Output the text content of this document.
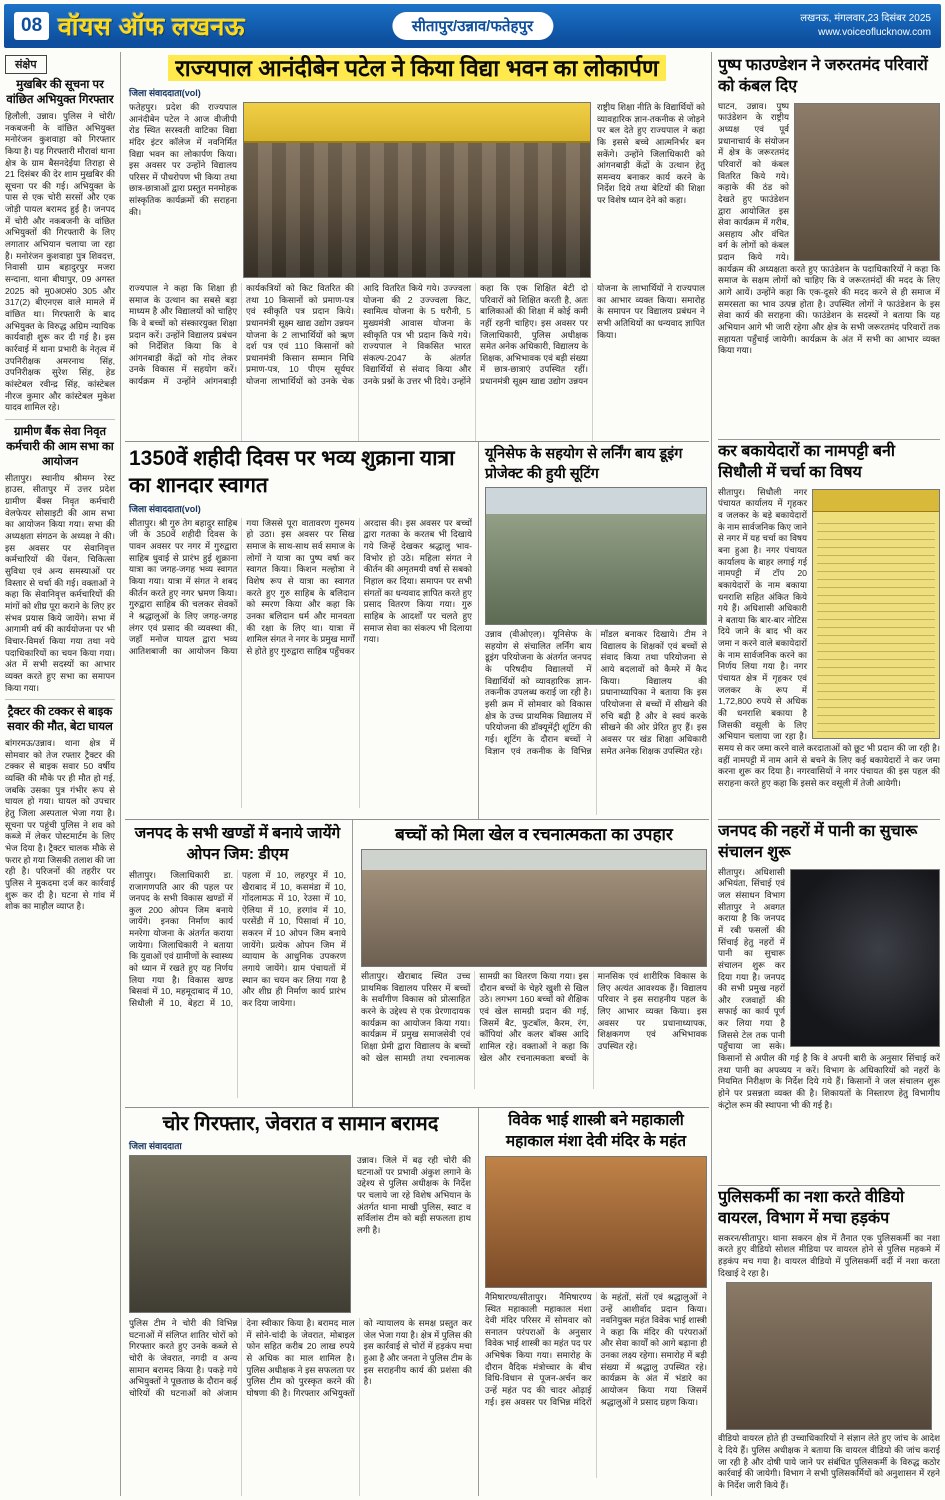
08 वॉयस ऑफ लखनऊ	सीतापुर/उन्नाव/फतेहपुर	लखनऊ, मंगलवार,23 दिसंबर 2025
www.voiceoflucknow.com
संक्षेप
मुखबिर की सूचना पर वांछित अभियुक्त गिरफ्तार

हिलौली, उन्नाव। पुलिस ने चोरी/नकबजनी के वांछित अभियुक्त मनोरंजन कुशवाहा को गिरफ्तार किया है। यह गिरफ्तारी मौरावां थाना क्षेत्र के ग्राम बैसनदेईया तिराहा से 21 दिसंबर की देर शाम मुखबिर की सूचना पर की गई। अभियुक्त के पास से एक चोरी सरसों और एक जोड़ी पायल बरामद हुई है। जनपद में चोरी और नकबजनी के वांछित अभियुक्तों की गिरफ्तारी के लिए लगातार अभियान चलाया जा रहा है। मनोरंजन कुशवाहा पुत्र शिवदत्त, निवासी ग्राम बहादुरपुर मजरा सन्दाना, थाना बीघापुर, 09 अगस्त 2025 को मु0अ0सं0 305 और 317(2) बीएनएस वाले मामले में वांछित था। गिरफ्तारी के बाद अभियुक्त के विरुद्ध अग्रिम न्यायिक कार्यवाही शुरू कर दी गई है। इस कार्रवाई में थाना प्रभारी के नेतृत्व में उपनिरीक्षक अमरनाथ सिंह, उपनिरीक्षक सुरेश सिंह, हेड कांस्टेबल रवीन्द्र सिंह, कांस्टेबल नीरज कुमार और कांस्टेबल मुकेश यादव शामिल रहे।

ग्रामीण बैंक सेवा निवृत कर्मचारी की आम सभा का आयोजन

सीतापुर। स्थानीय श्रीमग्न रेस्ट हाउस, सीतापुर में उत्तर प्रदेश ग्रामीण बैंक्स निवृत कर्मचारी वेलफेयर सोसाइटी की आम सभा का आयोजन किया गया। सभा की अध्यक्षता संगठन के अध्यक्ष ने की। इस अवसर पर सेवानिवृत्त कर्मचारियों की पेंशन, चिकित्सा सुविधा एवं अन्य समस्याओं पर विस्तार से चर्चा की गई। वक्ताओं ने कहा कि सेवानिवृत्त कर्मचारियों की मांगों को शीघ्र पूरा कराने के लिए हर संभव प्रयास किये जायेंगे। सभा में आगामी वर्ष की कार्ययोजना पर भी विचार-विमर्श किया गया तथा नये पदाधिकारियों का चयन किया गया। अंत में सभी सदस्यों का आभार व्यक्त करते हुए सभा का समापन किया गया।

ट्रैक्टर की टक्कर से बाइक सवार की मौत, बेटा घायल

बांगरमऊ/उन्नाव। थाना क्षेत्र में सोमवार को तेज रफ्तार ट्रैक्टर की टक्कर से बाइक सवार 50 वर्षीय व्यक्ति की मौके पर ही मौत हो गई, जबकि उसका पुत्र गंभीर रूप से घायल हो गया। घायल को उपचार हेतु जिला अस्पताल भेजा गया है। सूचना पर पहुंची पुलिस ने शव को कब्जे में लेकर पोस्टमार्टम के लिए भेज दिया है। ट्रैक्टर चालक मौके से फरार हो गया जिसकी तलाश की जा रही है। परिजनों की तहरीर पर पुलिस ने मुकदमा दर्ज कर कार्रवाई शुरू कर दी है। घटना से गांव में शोक का माहौल व्याप्त है।

राज्यपाल आनंदीबेन पटेल ने किया विद्या भवन का लोकार्पण
जिला संवाददाता(vol)
फतेहपुर। प्रदेश की राज्यपाल आनंदीबेन पटेल ने आज वीजीपी रोड स्थित सरस्वती वाटिका विद्या मंदिर इंटर कॉलेज में नवनिर्मित विद्या भवन का लोकार्पण किया। इस अवसर पर उन्होंने विद्यालय परिसर में पौधरोपण भी किया तथा छात्र-छात्राओं द्वारा प्रस्तुत मनमोहक सांस्कृतिक कार्यक्रमों की सराहना की।
राष्ट्रीय शिक्षा नीति के विद्यार्थियों को व्यावहारिक ज्ञान-तकनीक से जोड़ने पर बल देते हुए राज्यपाल ने कहा कि इससे बच्चे आत्मनिर्भर बन सकेंगे। उन्होंने जिलाधिकारी को आंगनबाड़ी केंद्रों के उत्थान हेतु समन्वय बनाकर कार्य करने के निर्देश दिये तथा बेटियों की शिक्षा पर विशेष ध्यान देने को कहा।
राज्यपाल ने कहा कि शिक्षा ही समाज के उत्थान का सबसे बड़ा माध्यम है और विद्यालयों को चाहिए कि वे बच्चों को संस्कारयुक्त शिक्षा प्रदान करें। उन्होंने विद्यालय प्रबंधन को निर्देशित किया कि वे आंगनबाड़ी केंद्रों को गोद लेकर उनके विकास में सहयोग करें। कार्यक्रम में उन्होंने आंगनबाड़ी कार्यकत्रियों को किट वितरित की तथा 10 किसानों को प्रमाण-पत्र एवं स्वीकृति पत्र प्रदान किये। प्रधानमंत्री सूक्ष्म खाद्य उद्योग उन्नयन योजना के 2 लाभार्थियों को ऋण दर्श पत्र एवं 110 किसानों को प्रधानमंत्री किसान सम्मान निधि प्रमाण-पत्र, 10 पीएम सूर्यघर योजना लाभार्थियों को उनके चेक आदि वितरित किये गये। उज्ज्वला योजना की 2 उज्ज्वला किट, स्वामित्व योजना के 5 घरौनी, 5 मुख्यमंत्री आवास योजना के स्वीकृति पत्र भी प्रदान किये गये। राज्यपाल ने विकसित भारत संकल्प-2047 के अंतर्गत विद्यार्थियों से संवाद किया और उनके प्रश्नों के उत्तर भी दिये। उन्होंने कहा कि एक शिक्षित बेटी दो परिवारों को शिक्षित करती है, अतः बालिकाओं की शिक्षा में कोई कमी नहीं रहनी चाहिए। इस अवसर पर जिलाधिकारी, पुलिस अधीक्षक समेत अनेक अधिकारी, विद्यालय के शिक्षक, अभिभावक एवं बड़ी संख्या में छात्र-छात्राएं उपस्थित रहीं। प्रधानमंत्री सूक्ष्म खाद्य उद्योग उन्नयन योजना के लाभार्थियों ने राज्यपाल का आभार व्यक्त किया। समारोह के समापन पर विद्यालय प्रबंधन ने सभी अतिथियों का धन्यवाद ज्ञापित किया।
1350वें शहीदी दिवस पर भव्य शुक्राना यात्रा का शानदार स्वागत
जिला संवाददाता(vol)
सीतापुर। श्री गुरु तेग बहादुर साहिब जी के 350वें शहीदी दिवस के पावन अवसर पर नगर में गुरुद्वारा साहिब धुवाई से प्रारंभ हुई शुक्राना यात्रा का जगह-जगह भव्य स्वागत किया गया। यात्रा में संगत ने शबद कीर्तन करते हुए नगर भ्रमण किया। गुरुद्वारा साहिब की चलकर सेवकों ने श्रद्धालुओं के लिए जगह-जगह लंगर एवं प्रसाद की व्यवस्था की, जहाँ मनोज घायल द्वारा भव्य आतिशबाजी का आयोजन किया गया जिससे पूरा वातावरण गुरुमय हो उठा। इस अवसर पर सिख समाज के साथ-साथ सर्व समाज के लोगों ने यात्रा का पुष्प वर्षा कर स्वागत किया। किशन मल्होत्रा ने विशेष रूप से यात्रा का स्वागत करते हुए गुरु साहिब के बलिदान को स्मरण किया और कहा कि उनका बलिदान धर्म और मानवता की रक्षा के लिए था। यात्रा में शामिल संगत ने नगर के प्रमुख मार्गों से होते हुए गुरुद्वारा साहिब पहुँचकर अरदास की। इस अवसर पर बच्चों द्वारा गतका के करतब भी दिखाये गये जिन्हें देखकर श्रद्धालु भाव-विभोर हो उठे। महिला संगत ने कीर्तन की अमृतमयी वर्षा से सबको निहाल कर दिया। समापन पर सभी संगतों का धन्यवाद ज्ञापित करते हुए प्रसाद वितरण किया गया। गुरु साहिब के आदर्शों पर चलते हुए समाज सेवा का संकल्प भी दिलाया गया।
यूनिसेफ के सहयोग से लर्निंग बाय डूइंग प्रोजेक्ट की हुयी सूटिंग
उन्नाव (वीओएल)। यूनिसेफ के सहयोग से संचालित लर्निंग बाय डूइंग परियोजना के अंतर्गत जनपद के परिषदीय विद्यालयों में विद्यार्थियों को व्यावहारिक ज्ञान-तकनीक उपलब्ध कराई जा रही है। इसी क्रम में सोमवार को विकास क्षेत्र के उच्च प्राथमिक विद्यालय में परियोजना की डॉक्यूमेंट्री शूटिंग की गई। शूटिंग के दौरान बच्चों ने विज्ञान एवं तकनीक के विभिन्न मॉडल बनाकर दिखाये। टीम ने विद्यालय के शिक्षकों एवं बच्चों से संवाद किया तथा परियोजना से आये बदलावों को कैमरे में कैद किया। विद्यालय की प्रधानाध्यापिका ने बताया कि इस परियोजना से बच्चों में सीखने की रुचि बढ़ी है और वे स्वयं करके सीखने की ओर प्रेरित हुए हैं। इस अवसर पर खंड शिक्षा अधिकारी समेत अनेक शिक्षक उपस्थित रहे।
जनपद के सभी खण्डों में बनाये जायेंगे ओपन जिम: डीएम
सीतापुर। जिलाधिकारी डा. राजागणपति आर की पहल पर जनपद के सभी विकास खण्डों में कुल 200 ओपन जिम बनाये जायेंगे। इनका निर्माण कार्य मनरेगा योजना के अंतर्गत कराया जायेगा। जिलाधिकारी ने बताया कि युवाओं एवं ग्रामीणों के स्वास्थ्य को ध्यान में रखते हुए यह निर्णय लिया गया है। विकास खण्ड बिसवां में 10, महमूदाबाद में 10, सिधौली में 10, बेहटा में 10, पहला में 10, लहरपुर में 10, खैराबाद में 10, कसमंडा में 10, गोंदलामऊ में 10, रेउसा में 10, ऐलिया में 10, हरगांव में 10, परसेंडी में 10, पिसावां में 10, सकरन में 10 ओपन जिम बनाये जायेंगे। प्रत्येक ओपन जिम में व्यायाम के आधुनिक उपकरण लगाये जायेंगे। ग्राम पंचायतों में स्थान का चयन कर लिया गया है और शीघ्र ही निर्माण कार्य प्रारंभ कर दिया जायेगा।
बच्चों को मिला खेल व रचनात्मकता का उपहार
सीतापुर। खैराबाद स्थित उच्च प्राथमिक विद्यालय परिसर में बच्चों के सर्वांगीण विकास को प्रोत्साहित करने के उद्देश्य से एक प्रेरणादायक कार्यक्रम का आयोजन किया गया। कार्यक्रम में प्रमुख समाजसेवी एवं शिक्षा प्रेमी द्वारा विद्यालय के बच्चों को खेल सामग्री तथा रचनात्मक सामग्री का वितरण किया गया। इस दौरान बच्चों के चेहरे खुशी से खिल उठे। लगभग 160 बच्चों को शैक्षिक एवं खेल सामग्री प्रदान की गई, जिसमें बैट, फुटबॉल, कैरम, रंग, कॉपियां और कलर बॉक्स आदि शामिल रहे। वक्ताओं ने कहा कि खेल और रचनात्मकता बच्चों के मानसिक एवं शारीरिक विकास के लिए अत्यंत आवश्यक हैं। विद्यालय परिवार ने इस सराहनीय पहल के लिए आभार व्यक्त किया। इस अवसर पर प्रधानाध्यापक, शिक्षकगण एवं अभिभावक उपस्थित रहे।
चोर गिरफ्तार, जेवरात व सामान बरामद
जिला संवाददाता
उन्नाव। जिले में बढ़ रही चोरी की घटनाओं पर प्रभावी अंकुश लगाने के उद्देश्य से पुलिस अधीक्षक के निर्देश पर चलाये जा रहे विशेष अभियान के अंतर्गत थाना माखी पुलिस, स्वाट व सर्विलांस टीम को बड़ी सफलता हाथ लगी है।
पुलिस टीम ने चोरी की विभिन्न घटनाओं में संलिप्त शातिर चोरों को गिरफ्तार करते हुए उनके कब्जे से चोरी के जेवरात, नगदी व अन्य सामान बरामद किया है। पकड़े गये अभियुक्तों ने पूछताछ के दौरान कई चोरियों की घटनाओं को अंजाम देना स्वीकार किया है। बरामद माल में सोने-चांदी के जेवरात, मोबाइल फोन सहित करीब 20 लाख रुपये से अधिक का माल शामिल है। पुलिस अधीक्षक ने इस सफलता पर पुलिस टीम को पुरस्कृत करने की घोषणा की है। गिरफ्तार अभियुक्तों को न्यायालय के समक्ष प्रस्तुत कर जेल भेजा गया है। क्षेत्र में पुलिस की इस कार्रवाई से चोरों में हड़कंप मचा हुआ है और जनता ने पुलिस टीम के इस सराहनीय कार्य की प्रशंसा की है।
विवेक भाई शास्त्री बने महाकाली महाकाल मंशा देवी मंदिर के महंत
नैमिषारण्य/सीतापुर। नैमिषारण्य स्थित महाकाली महाकाल मंशा देवी मंदिर परिसर में सोमवार को सनातन परंपराओं के अनुसार विवेक भाई शास्त्री का महंत पद पर अभिषेक किया गया। समारोह के दौरान वैदिक मंत्रोच्चार के बीच विधि-विधान से पूजन-अर्चन कर उन्हें महंत पद की चादर ओढ़ाई गई। इस अवसर पर विभिन्न मंदिरों के महंतों, संतों एवं श्रद्धालुओं ने उन्हें आशीर्वाद प्रदान किया। नवनियुक्त महंत विवेक भाई शास्त्री ने कहा कि मंदिर की परंपराओं और सेवा कार्यों को आगे बढ़ाना ही उनका लक्ष्य रहेगा। समारोह में बड़ी संख्या में श्रद्धालु उपस्थित रहे। कार्यक्रम के अंत में भंडारे का आयोजन किया गया जिसमें श्रद्धालुओं ने प्रसाद ग्रहण किया।
पुष्प फाउण्डेशन ने जरुरतमंद परिवारों को कंबल दिए
घाटन, उन्नाव। पुष्प फाउंडेशन के राष्ट्रीय अध्यक्ष एवं पूर्व प्रधानाचार्य के संयोजन में क्षेत्र के जरूरतमंद परिवारों को कंबल वितरित किये गये। कड़ाके की ठंड को देखते हुए फाउंडेशन द्वारा आयोजित इस सेवा कार्यक्रम में गरीब, असहाय और वंचित वर्ग के लोगों को कंबल प्रदान किये गये। कार्यक्रम की अध्यक्षता करते हुए फाउंडेशन के पदाधिकारियों ने कहा कि समाज के सक्षम लोगों को चाहिए कि वे जरूरतमंदों की मदद के लिए आगे आयें। उन्होंने कहा कि एक-दूसरे की मदद करने से ही समाज में समरसता का भाव उत्पन्न होता है। उपस्थित लोगों ने फाउंडेशन के इस सेवा कार्य की सराहना की। फाउंडेशन के सदस्यों ने बताया कि यह अभियान आगे भी जारी रहेगा और क्षेत्र के सभी जरूरतमंद परिवारों तक सहायता पहुँचाई जायेगी। कार्यक्रम के अंत में सभी का आभार व्यक्त किया गया।
कर बकायेदारों का नामपट्टी बनी सिधौली में चर्चा का विषय
सीतापुर। सिधौली नगर पंचायत कार्यालय में गृहकर व जलकर के बड़े बकायेदारों के नाम सार्वजनिक किए जाने से नगर में यह चर्चा का विषय बना हुआ है। नगर पंचायत कार्यालय के बाहर लगाई गई नामपट्टी में टॉप 20 बकायेदारों के नाम बकाया धनराशि सहित अंकित किये गये हैं। अधिशासी अधिकारी ने बताया कि बार-बार नोटिस दिये जाने के बाद भी कर जमा न करने वाले बकायेदारों के नाम सार्वजनिक करने का निर्णय लिया गया है। नगर पंचायत क्षेत्र में गृहकर एवं जलकर के रूप में 1,72,800 रुपये से अधिक की धनराशि बकाया है जिसकी वसूली के लिए अभियान चलाया जा रहा है। समय से कर जमा करने वाले करदाताओं को छूट भी प्रदान की जा रही है। वहीं नामपट्टी में नाम आने से बचने के लिए कई बकायेदारों ने कर जमा करना शुरू कर दिया है। नगरवासियों ने नगर पंचायत की इस पहल की सराहना करते हुए कहा कि इससे कर वसूली में तेजी आयेगी।
जनपद की नहरों में पानी का सुचारू संचालन शुरू
सीतापुर। अधिशासी अभियंता, सिंचाई एवं जल संसाधन विभाग सीतापुर ने अवगत कराया है कि जनपद में रबी फसलों की सिंचाई हेतु नहरों में पानी का सुचारू संचालन शुरू कर दिया गया है। जनपद की सभी प्रमुख नहरों और रजवाहों की सफाई का कार्य पूर्ण कर लिया गया है जिससे टेल तक पानी पहुँचाया जा सके। किसानों से अपील की गई है कि वे अपनी बारी के अनुसार सिंचाई करें तथा पानी का अपव्यय न करें। विभाग के अधिकारियों को नहरों के नियमित निरीक्षण के निर्देश दिये गये हैं। किसानों ने जल संचालन शुरू होने पर प्रसन्नता व्यक्त की है। शिकायतों के निस्तारण हेतु विभागीय कंट्रोल रूम की स्थापना भी की गई है।
पुलिसकर्मी का नशा करते वीडियो वायरल, विभाग में मचा हड़कंप
सकरन/सीतापुर। थाना सकरन क्षेत्र में तैनात एक पुलिसकर्मी का नशा करते हुए वीडियो सोशल मीडिया पर वायरल होने से पुलिस महकमे में हड़कंप मच गया है। वायरल वीडियो में पुलिसकर्मी वर्दी में नशा करता दिखाई दे रहा है।
वीडियो वायरल होते ही उच्चाधिकारियों ने संज्ञान लेते हुए जांच के आदेश दे दिये हैं। पुलिस अधीक्षक ने बताया कि वायरल वीडियो की जांच कराई जा रही है और दोषी पाये जाने पर संबंधित पुलिसकर्मी के विरुद्ध कठोर कार्रवाई की जायेगी। विभाग ने सभी पुलिसकर्मियों को अनुशासन में रहने के निर्देश जारी किये हैं।
